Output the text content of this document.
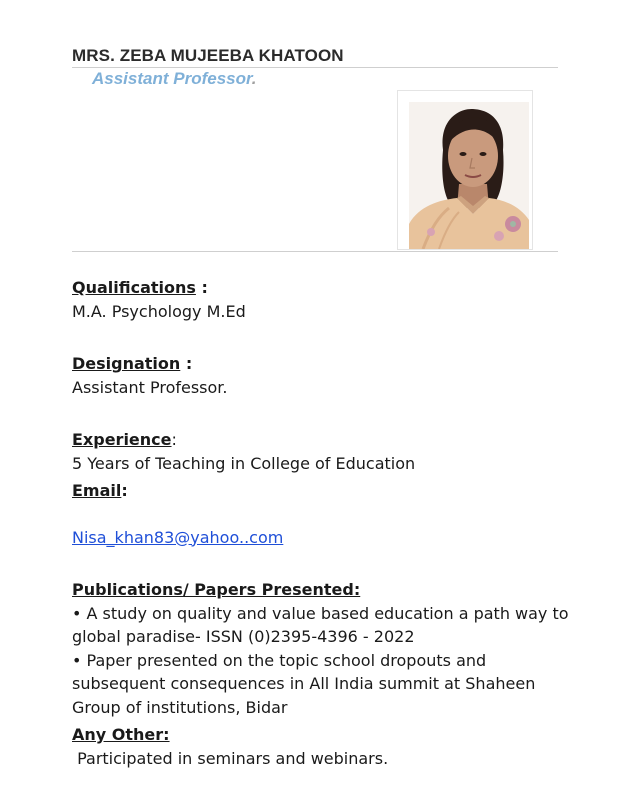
MRS. ZEBA MUJEEBA KHATOON
Assistant Professor.

Qualifications :

M.A. Psychology M.Ed

Designation :

Assistant Professor.

Experience:

5 Years of Teaching in College of Education

Email:

Nisa_khan83@yahoo..com

Publications/ Papers Presented:

• A study on quality and value based education a path way to

global paradise- ISSN (0)2395-4396 - 2022

• Paper presented on the topic school dropouts and

subsequent consequences in All India summit at Shaheen

Group of institutions, Bidar

Any Other:

Participated in seminars and webinars.
